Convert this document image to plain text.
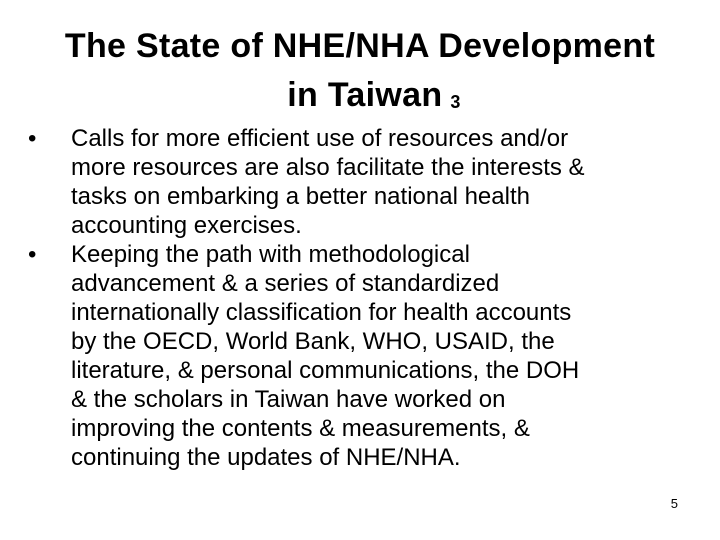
The State of NHE/NHA Development
in Taiwan 3
•	Calls for more efficient use of resources and/or
more resources are also facilitate the interests &
tasks on embarking a better national health
accounting exercises.
•	Keeping the path with methodological
advancement & a series of standardized
internationally classification for health accounts
by the OECD, World Bank, WHO, USAID, the
literature, & personal communications, the DOH
& the scholars in Taiwan have worked on
improving the contents & measurements, &
continuing the updates of NHE/NHA.
5
